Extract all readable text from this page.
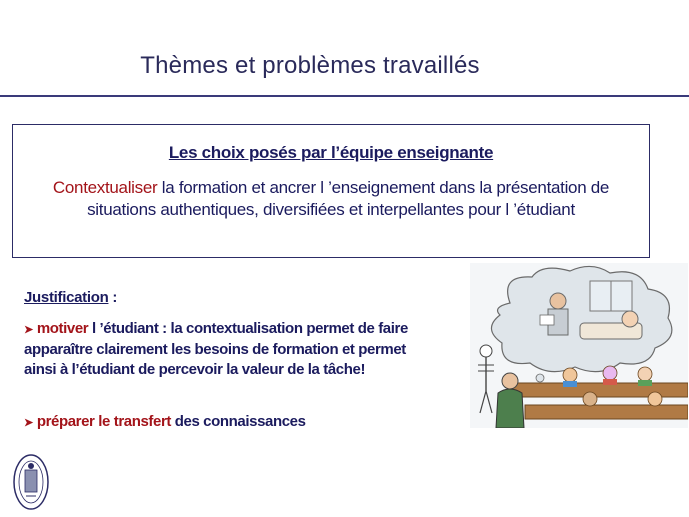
Thèmes et problèmes travaillés
Les choix posés par l’équipe enseignante
Contextualiser la formation et ancrer l ’enseignement dans la présentation de situations authentiques, diversifiées et interpellantes pour l ’étudiant
Justification :
➤ motiver l ’étudiant : la contextualisation permet de faire apparaître clairement les besoins de formation et permet ainsi à l’étudiant de percevoir la valeur de la tâche!
➤ préparer le transfert des connaissances
